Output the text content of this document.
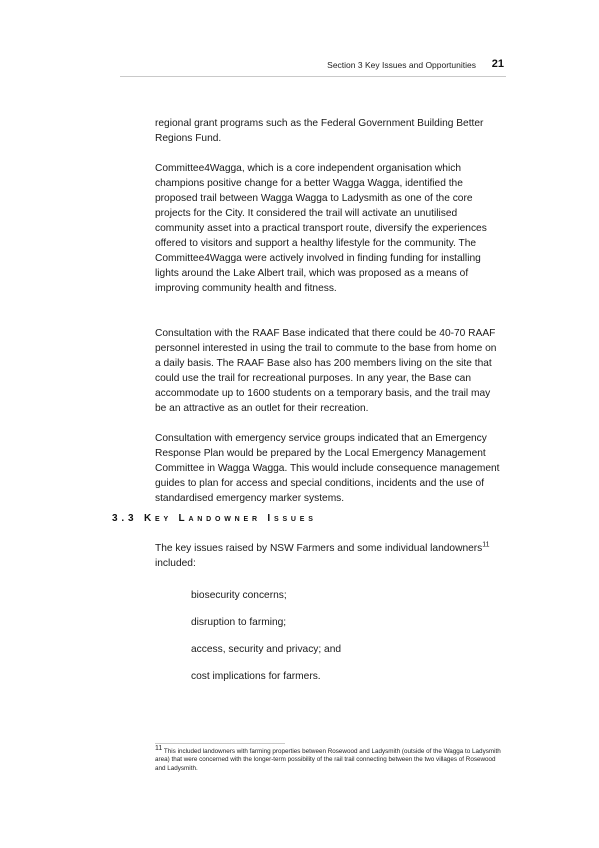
Section 3 Key Issues and Opportunities 21

regional grant programs such as the Federal Government Building Better Regions Fund.

Committee4Wagga, which is a core independent organisation which champions positive change for a better Wagga Wagga, identified the proposed trail between Wagga Wagga to Ladysmith as one of the core projects for the City. It considered the trail will activate an unutilised community asset into a practical transport route, diversify the experiences offered to visitors and support a healthy lifestyle for the community. The Committee4Wagga were actively involved in finding funding for installing lights around the Lake Albert trail, which was proposed as a means of improving community health and fitness.

Consultation with the RAAF Base indicated that there could be 40-70 RAAF personnel interested in using the trail to commute to the base from home on a daily basis. The RAAF Base also has 200 members living on the site that could use the trail for recreational purposes. In any year, the Base can accommodate up to 1600 students on a temporary basis, and the trail may be an attractive as an outlet for their recreation.

Consultation with emergency service groups indicated that an Emergency Response Plan would be prepared by the Local Emergency Management Committee in Wagga Wagga. This would include consequence management guides to plan for access and special conditions, incidents and the use of standardised emergency marker systems.

3.3 Key Landowner Issues

The key issues raised by NSW Farmers and some individual landowners$^{11}$ included:

biosecurity concerns;
disruption to farming;
access, security and privacy; and
cost implications for farmers.
$^{11}$ This included landowners with farming properties between Rosewood and Ladysmith (outside of the Wagga to Ladysmith area) that were concerned with the longer-term possibility of the rail trail connecting between the two villages of Rosewood and Ladysmith.
